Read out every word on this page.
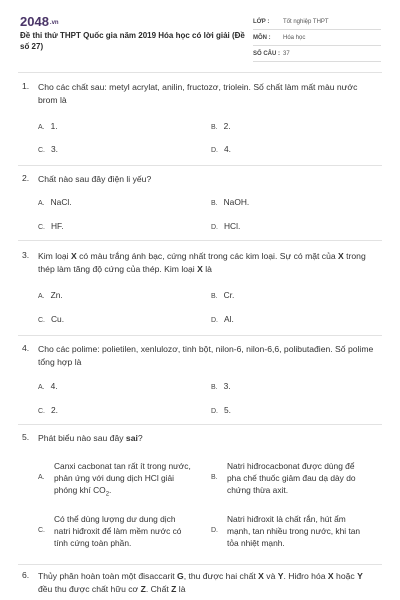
2048.vn
Đề thi thử THPT Quốc gia năm 2019 Hóa học có lời giải (Đề số 27)
LỚP :	Tốt nghiệp THPT
MÔN :	Hóa học
SỐ CÂU : 37
1. Cho các chất sau: metyl acrylat, anilin, fructozơ, triolein. Số chất làm mất màu nước brom là
A. 1.	B. 2.
C. 3.	D. 4.
2. Chất nào sau đây điện li yếu?
A. NaCl.	B. NaOH.
C. HF.	D. HCl.
3. Kim loại X có màu trắng ánh bạc, cứng nhất trong các kim loại. Sự có mặt của X trong thép làm tăng độ cứng của thép. Kim loại X là
A. Zn.	B. Cr.
C. Cu.	D. Al.
4. Cho các polime: polietilen, xenlulozơ, tinh bột, nilon-6, nilon-6,6, polibutađien. Số polime tổng hợp là
A. 4.	B. 3.
C. 2.	D. 5.
5. Phát biểu nào sau đây sai?
A.
Canxi cacbonat tan rất ít trong nước,
phản ứng với dung dịch HCl giải
phóng khí $CO_2$.
B.
Natri hiđrocacbonat được dùng để
pha chế thuốc giảm đau dạ dày do
chứng thừa axit.
C.
Có thể dùng lượng dư dung dịch
natri hiđroxit để làm mềm nước có
tính cứng toàn phần.
D.
Natri hiđroxit là chất rắn, hút ẩm
mạnh, tan nhiều trong nước, khi tan
tỏa nhiệt mạnh.
6. Thủy phân hoàn toàn một đisaccarit G, thu được hai chất X và Y. Hiđro hóa X hoặc Y đều thu được chất hữu cơ Z. Chất Z là
